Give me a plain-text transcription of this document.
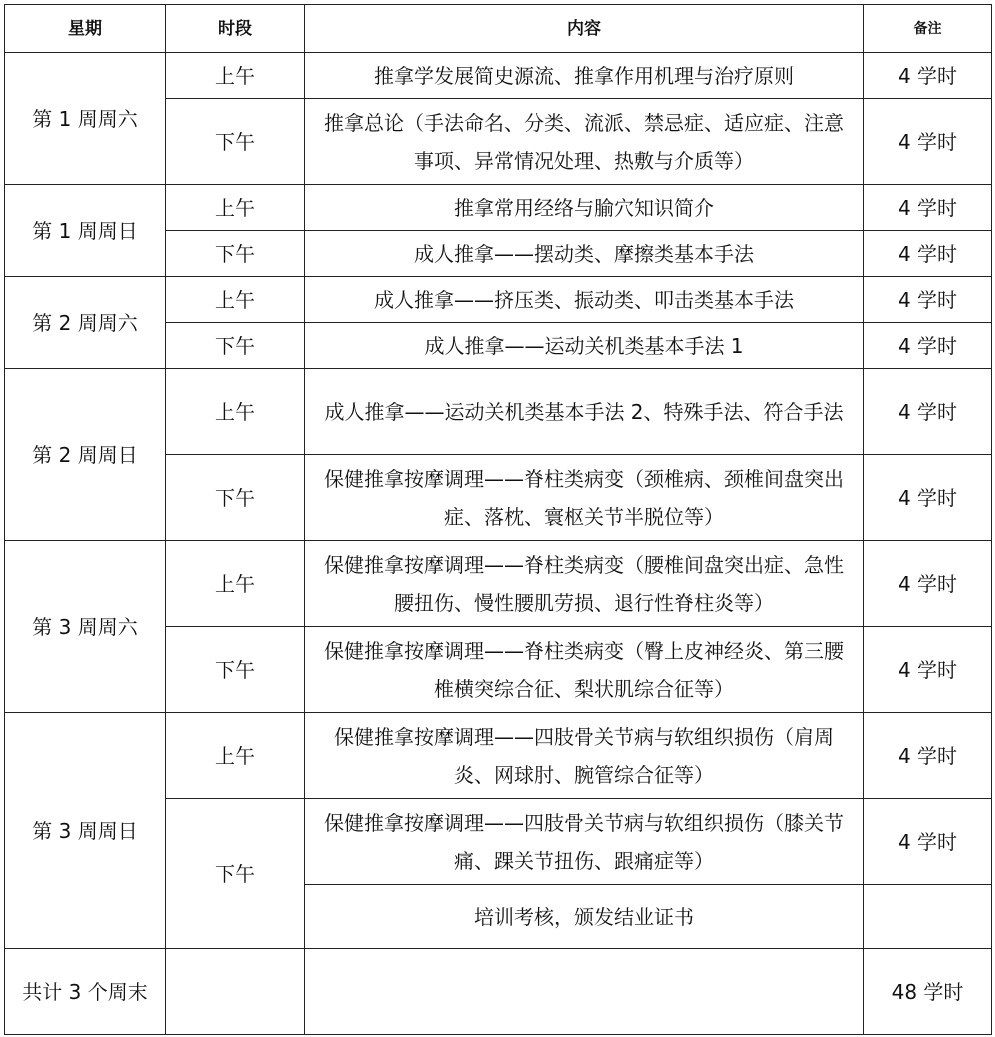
星期	时段	内容	备注
第 1 周周六	上午	推拿学发展简史源流、推拿作用机理与治疗原则	4 学时
	下午	推拿总论（手法命名、分类、流派、禁忌症、适应症、注意事项、异常情况处理、热敷与介质等）	4 学时
第 1 周周日	上午	推拿常用经络与腧穴知识简介	4 学时
	下午	成人推拿——摆动类、摩擦类基本手法	4 学时
第 2 周周六	上午	成人推拿——挤压类、振动类、叩击类基本手法	4 学时
	下午	成人推拿——运动关机类基本手法 1	4 学时
第 2 周周日	上午	成人推拿——运动关机类基本手法 2、特殊手法、符合手法	4 学时
	下午	保健推拿按摩调理——脊柱类病变（颈椎病、颈椎间盘突出症、落枕、寰枢关节半脱位等）	4 学时
第 3 周周六	上午	保健推拿按摩调理——脊柱类病变（腰椎间盘突出症、急性腰扭伤、慢性腰肌劳损、退行性脊柱炎等）	4 学时
	下午	保健推拿按摩调理——脊柱类病变（臀上皮神经炎、第三腰椎横突综合征、梨状肌综合征等）	4 学时
第 3 周周日	上午	保健推拿按摩调理——四肢骨关节病与软组织损伤（肩周炎、网球肘、腕管综合征等）	4 学时
	下午	保健推拿按摩调理——四肢骨关节病与软组织损伤（膝关节痛、踝关节扭伤、跟痛症等）	4 学时
		培训考核，颁发结业证书	
共计 3 个周末			48 学时
